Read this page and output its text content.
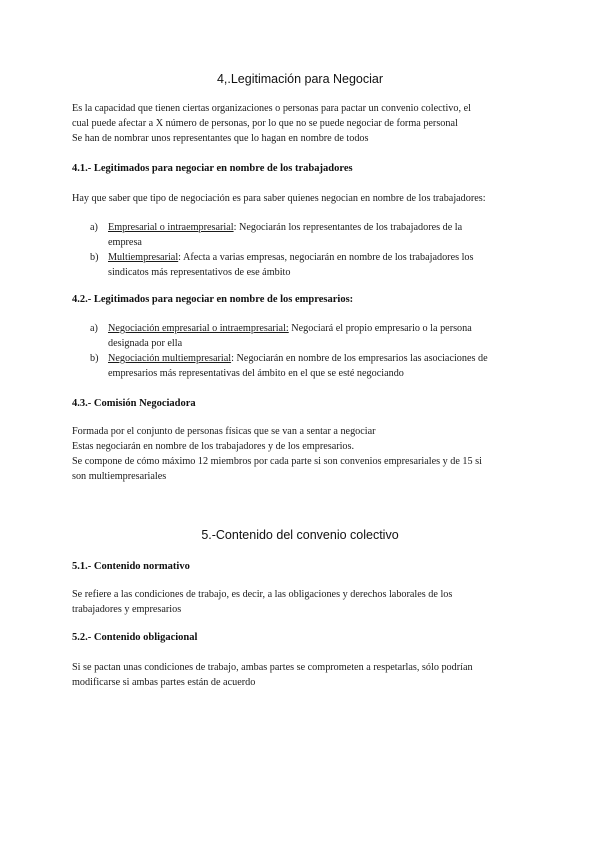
4,.Legitimación para Negociar
Es la capacidad que tienen ciertas organizaciones o personas para pactar un convenio colectivo, el
cual puede afectar a X número de personas, por lo que no se puede negociar de forma personal
Se han de nombrar unos representantes que lo hagan en nombre de todos
4.1.- Legitimados para negociar en nombre de los trabajadores
Hay que saber que tipo de negociación es para saber quienes negocian en nombre de los trabajadores:
a) Empresarial o intraempresarial: Negociarán los representantes de los trabajadores de la
empresa
b) Multiempresarial: Afecta a varias empresas, negociarán en nombre de los trabajadores los
sindicatos más representativos de ese ámbito
4.2.- Legitimados para negociar en nombre de los empresarios:
a) Negociación empresarial o intraempresarial: Negociará el propio empresario o la persona
designada por ella
b) Negociación multiempresarial: Negociarán en nombre de los empresarios las asociaciones de
empresarios más representativas del ámbito en el que se esté negociando
4.3.- Comisión Negociadora
Formada por el conjunto de personas físicas que se van a sentar a negociar
Estas negociarán en nombre de los trabajadores y de los empresarios.
Se compone de cómo máximo 12 miembros por cada parte si son convenios empresariales y de 15 si
son multiempresariales
5.-Contenido del convenio colectivo
5.1.- Contenido normativo
Se refiere a las condiciones de trabajo, es decir, a las obligaciones y derechos laborales de los
trabajadores y empresarios
5.2.- Contenido obligacional
Si se pactan unas condiciones de trabajo, ambas partes se comprometen a respetarlas, sólo podrían
modificarse si ambas partes están de acuerdo
